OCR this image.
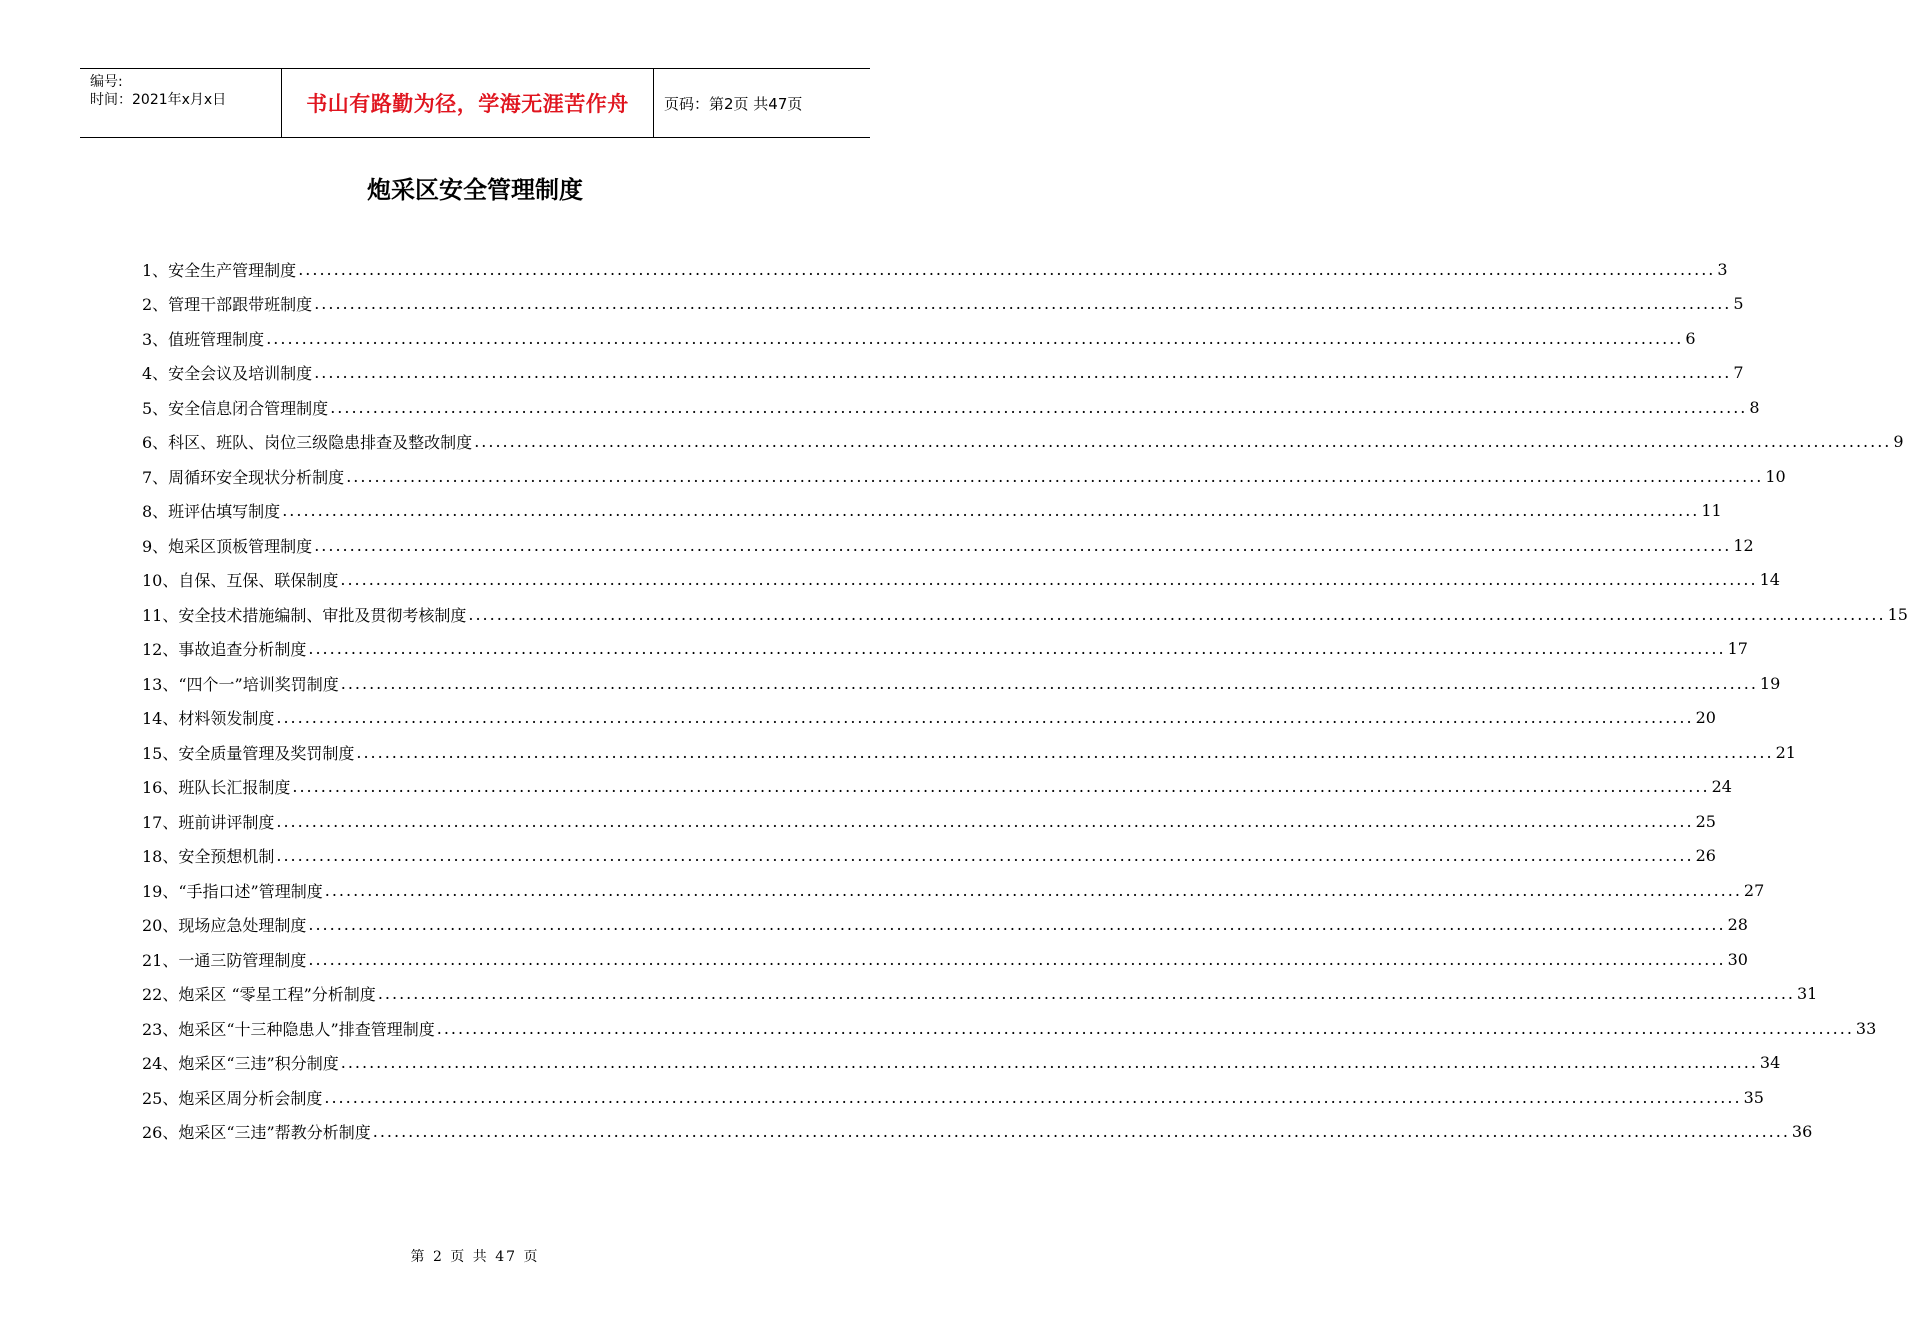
编号:
时间：2021年x月x日	书山有路勤为径，学海无涯苦作舟 页码：第2页 共47页
炮采区安全管理制度
1、安全生产管理制度 ........................................................................................................................................................................................................ 3
2、管理干部跟带班制度 ........................................................................................................................................................................................................ 5
3、值班管理制度 ........................................................................................................................................................................................................ 6
4、安全会议及培训制度 ........................................................................................................................................................................................................ 7
5、安全信息闭合管理制度 ........................................................................................................................................................................................................ 8
6、科区、班队、岗位三级隐患排查及整改制度 ........................................................................................................................................................................................................ 9
7、周循环安全现状分析制度 ........................................................................................................................................................................................................ 10
8、班评估填写制度 ........................................................................................................................................................................................................ 11
9、炮采区顶板管理制度 ........................................................................................................................................................................................................ 12
10、自保、互保、联保制度 ........................................................................................................................................................................................................ 14
11、安全技术措施编制、审批及贯彻考核制度 ........................................................................................................................................................................................................ 15
12、事故追查分析制度 ........................................................................................................................................................................................................ 17
13、“四个一”培训奖罚制度 ........................................................................................................................................................................................................ 19
14、材料领发制度 ........................................................................................................................................................................................................ 20
15、安全质量管理及奖罚制度 ........................................................................................................................................................................................................ 21
16、班队长汇报制度 ........................................................................................................................................................................................................ 24
17、班前讲评制度 ........................................................................................................................................................................................................ 25
18、安全预想机制 ........................................................................................................................................................................................................ 26
19、“手指口述”管理制度 ........................................................................................................................................................................................................ 27
20、现场应急处理制度 ........................................................................................................................................................................................................ 28
21、一通三防管理制度 ........................................................................................................................................................................................................ 30
22、炮采区 “零星工程”分析制度 ........................................................................................................................................................................................................ 31
23、炮采区“十三种隐患人”排查管理制度 ........................................................................................................................................................................................................ 33
24、炮采区“三违”积分制度 ........................................................................................................................................................................................................ 34
25、炮采区周分析会制度 ........................................................................................................................................................................................................ 35
26、炮采区“三违”帮教分析制度 ........................................................................................................................................................................................................ 36
第 2 页 共 47 页
